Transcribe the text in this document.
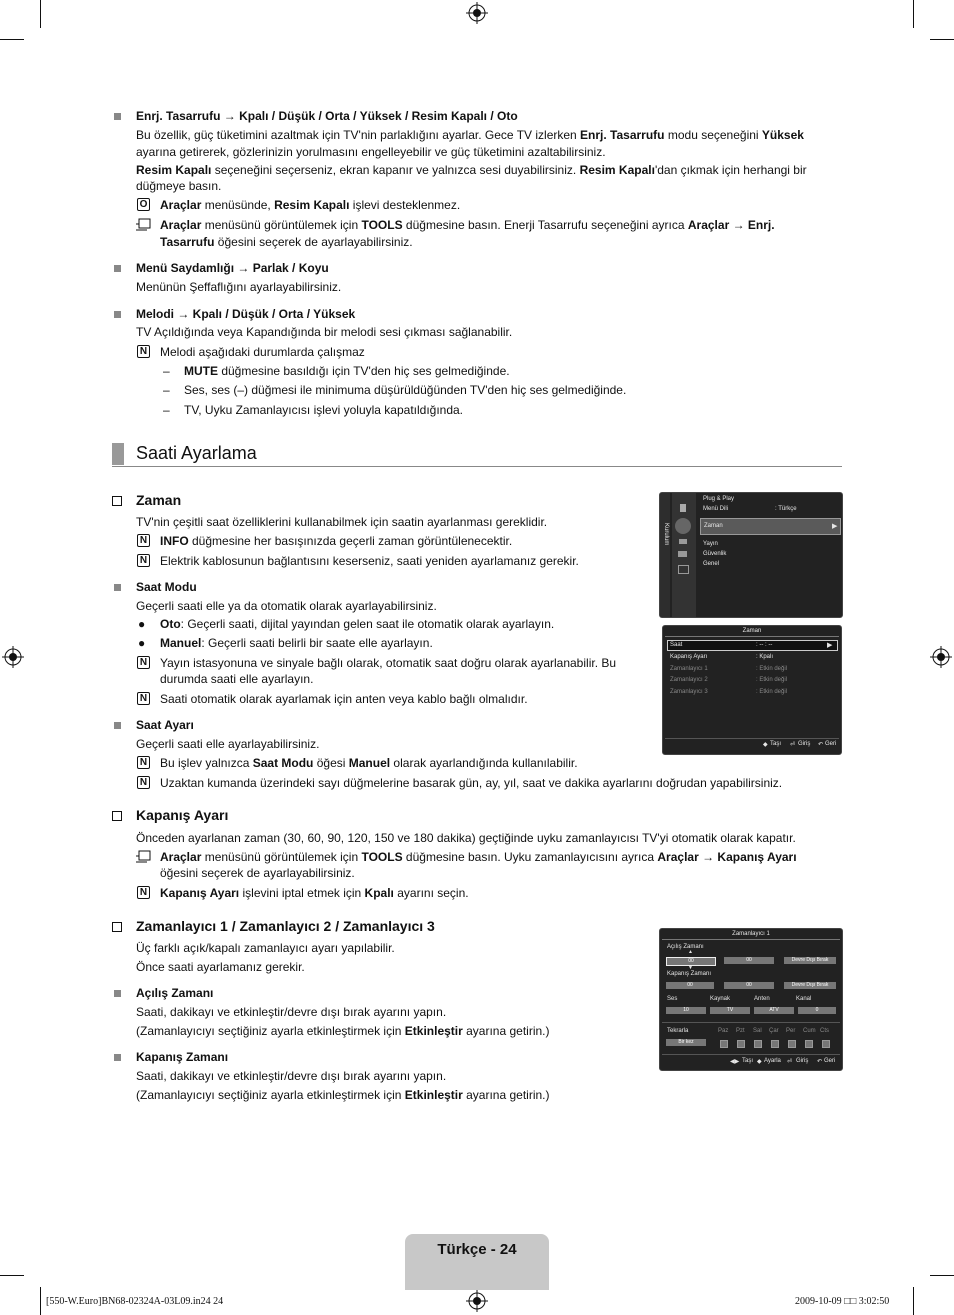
Enrj. Tasarrufu → Kpalı / Düşük / Orta / Yüksek / Resim Kapalı / Oto
Bu özellik, güç tüketimini azaltmak için TV'nin parlaklığını ayarlar. Gece TV izlerken Enrj. Tasarrufu modu seçeneğini Yüksek
ayarına getirerek, gözlerinizin yorulmasını engelleyebilir ve güç tüketimini azaltabilirsiniz.
Resim Kapalı seçeneğini seçerseniz, ekran kapanır ve yalnızca sesi duyabilirsiniz. Resim Kapalı'dan çıkmak için herhangi bir
düğmeye basın.
O Araçlar menüsünde, Resim Kapalı işlevi desteklenmez.
Araçlar menüsünü görüntülemek için TOOLS düğmesine basın. Enerji Tasarrufu seçeneğini ayrıca Araçlar → Enrj.
Tasarrufu öğesini seçerek de ayarlayabilirsiniz.
Menü Saydamlığı → Parlak / Koyu
Menünün Şeffaflığını ayarlayabilirsiniz.
Melodi → Kpalı / Düşük / Orta / Yüksek
TV Açıldığında veya Kapandığında bir melodi sesi çıkması sağlanabilir.
N Melodi aşağıdaki durumlarda çalışmaz
– MUTE düğmesine basıldığı için TV'den hiç ses gelmediğinde.
– Ses, ses (–) düğmesi ile minimuma düşürüldüğünden TV'den hiç ses gelmediğinde.
– TV, Uyku Zamanlayıcısı işlevi yoluyla kapatıldığında.
Saati Ayarlama
Zaman
TV'nin çeşitli saat özelliklerini kullanabilmek için saatin ayarlanması gereklidir.
N INFO düğmesine her basışınızda geçerli zaman görüntülenecektir.
N Elektrik kablosunun bağlantısını keserseniz, saati yeniden ayarlamanız gerekir.
Saat Modu
Geçerli saati elle ya da otomatik olarak ayarlayabilirsiniz.
● Oto: Geçerli saati, dijital yayından gelen saat ile otomatik olarak ayarlayın.
● Manuel: Geçerli saati belirli bir saate elle ayarlayın.
N Yayın istasyonuna ve sinyale bağlı olarak, otomatik saat doğru olarak ayarlanabilir. Bu
durumda saati elle ayarlayın.
N Saati otomatik olarak ayarlamak için anten veya kablo bağlı olmalıdır.
Saat Ayarı
Geçerli saati elle ayarlayabilirsiniz.
N Bu işlev yalnızca Saat Modu öğesi Manuel olarak ayarlandığında kullanılabilir.
N Uzaktan kumanda üzerindeki sayı düğmelerine basarak gün, ay, yıl, saat ve dakika ayarlarını doğrudan yapabilirsiniz.
Kapanış Ayarı
Önceden ayarlanan zaman (30, 60, 90, 120, 150 ve 180 dakika) geçtiğinde uyku zamanlayıcısı TV'yi otomatik olarak kapatır.
Araçlar menüsünü görüntülemek için TOOLS düğmesine basın. Uyku zamanlayıcısını ayrıca Araçlar → Kapanış Ayarı
öğesini seçerek de ayarlayabilirsiniz.
N Kapanış Ayarı işlevini iptal etmek için Kpalı ayarını seçin.
Zamanlayıcı 1 / Zamanlayıcı 2 / Zamanlayıcı 3
Üç farklı açık/kapalı zamanlayıcı ayarı yapılabilir.
Önce saati ayarlamanız gerekir.
Açılış Zamanı
Saati, dakikayı ve etkinleştir/devre dışı bırak ayarını yapın.
(Zamanlayıcıyı seçtiğiniz ayarla etkinleştirmek için Etkinleştir ayarına getirin.)
Kapanış Zamanı
Saati, dakikayı ve etkinleştir/devre dışı bırak ayarını yapın.
(Zamanlayıcıyı seçtiğiniz ayarla etkinleştirmek için Etkinleştir ayarına getirin.)
Kurulum
Plug & Play
Menü Dili	: Türkçe
Zaman	▶
Yayın
Güvenlik
Genel
Zaman
Saat	: -- : --	▶
Kapanış Ayarı	: Kpalı
Zamanlayıcı 1	: Etkin değil
Zamanlayıcı 2	: Etkin değil
Zamanlayıcı 3	: Etkin değil
◆ Taşı ⏎ Giriş ↶ Geri
Zamanlayıcı 1
Açılış Zamanı
▲
00	00	Devre Dışı Bırak
▼
Kapanış Zamanı
00	00	Devre Dışı Bırak
Ses	Kaynak	Anten	Kanal
10	TV	ATV	0
Tekrarla	Paz Pzt Sal Çar Per Cum Cts
Bir kez
◀▶ Taşı ◆ Ayarla ⏎ Giriş ↶ Geri
Türkçe - 24
[550-W.Euro]BN68-02324A-03L09.in24 24	2009-10-09 □□ 3:02:50
